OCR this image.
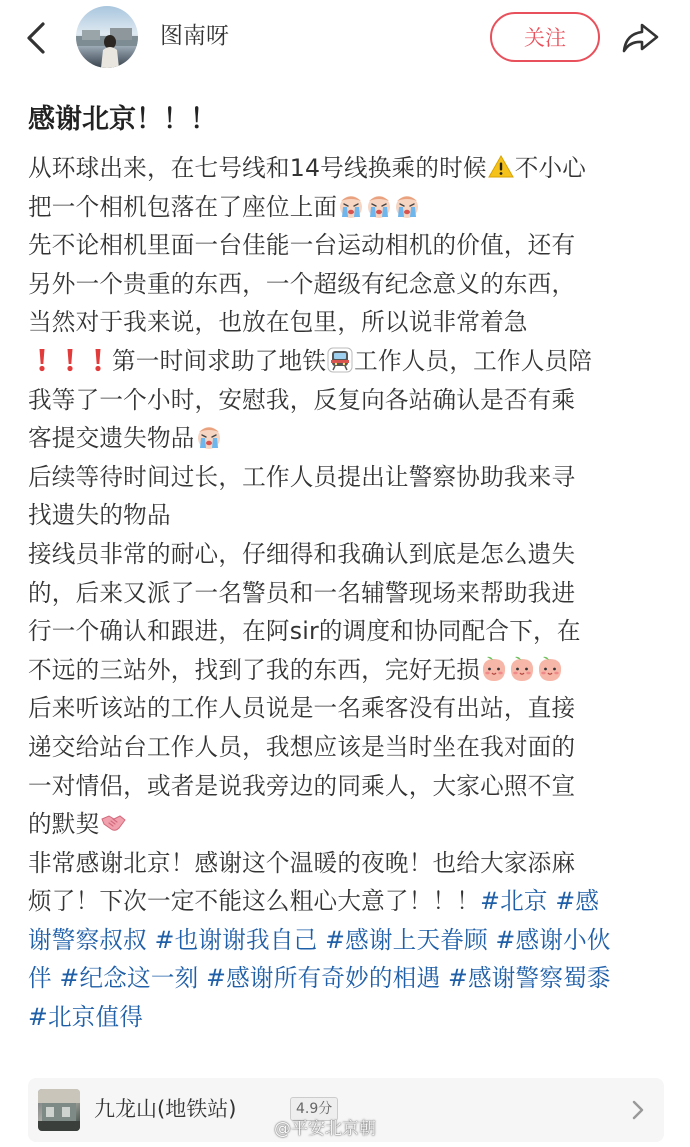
图南呀	关注
感谢北京！！！
从环球出来，在七号线和14号线换乘的时候 不小心
把一个相机包落在了座位上面
先不论相机里面一台佳能一台运动相机的价值，还有
另外一个贵重的东西，一个超级有纪念意义的东西，
当然对于我来说，也放在包里，所以说非常着急
第一时间求助了地铁 工作人员，工作人员陪
我等了一个小时，安慰我，反复向各站确认是否有乘
客提交遗失物品
后续等待时间过长，工作人员提出让警察协助我来寻
找遗失的物品
接线员非常的耐心，仔细得和我确认到底是怎么遗失
的，后来又派了一名警员和一名辅警现场来帮助我进
行一个确认和跟进，在阿sir的调度和协同配合下，在
不远的三站外，找到了我的东西，完好无损
后来听该站的工作人员说是一名乘客没有出站，直接
递交给站台工作人员，我想应该是当时坐在我对面的
一对情侣，或者是说我旁边的同乘人，大家心照不宣
的默契
非常感谢北京！感谢这个温暖的夜晚！也给大家添麻
烦了！下次一定不能这么粗心大意了！！！#北京 #感
谢警察叔叔 #也谢谢我自己 #感谢上天眷顾 #感谢小伙
伴 #纪念这一刻 #感谢所有奇妙的相遇 #感谢警察蜀黍
#北京值得
九龙山(地铁站)	4.9分
@平安北京朝
